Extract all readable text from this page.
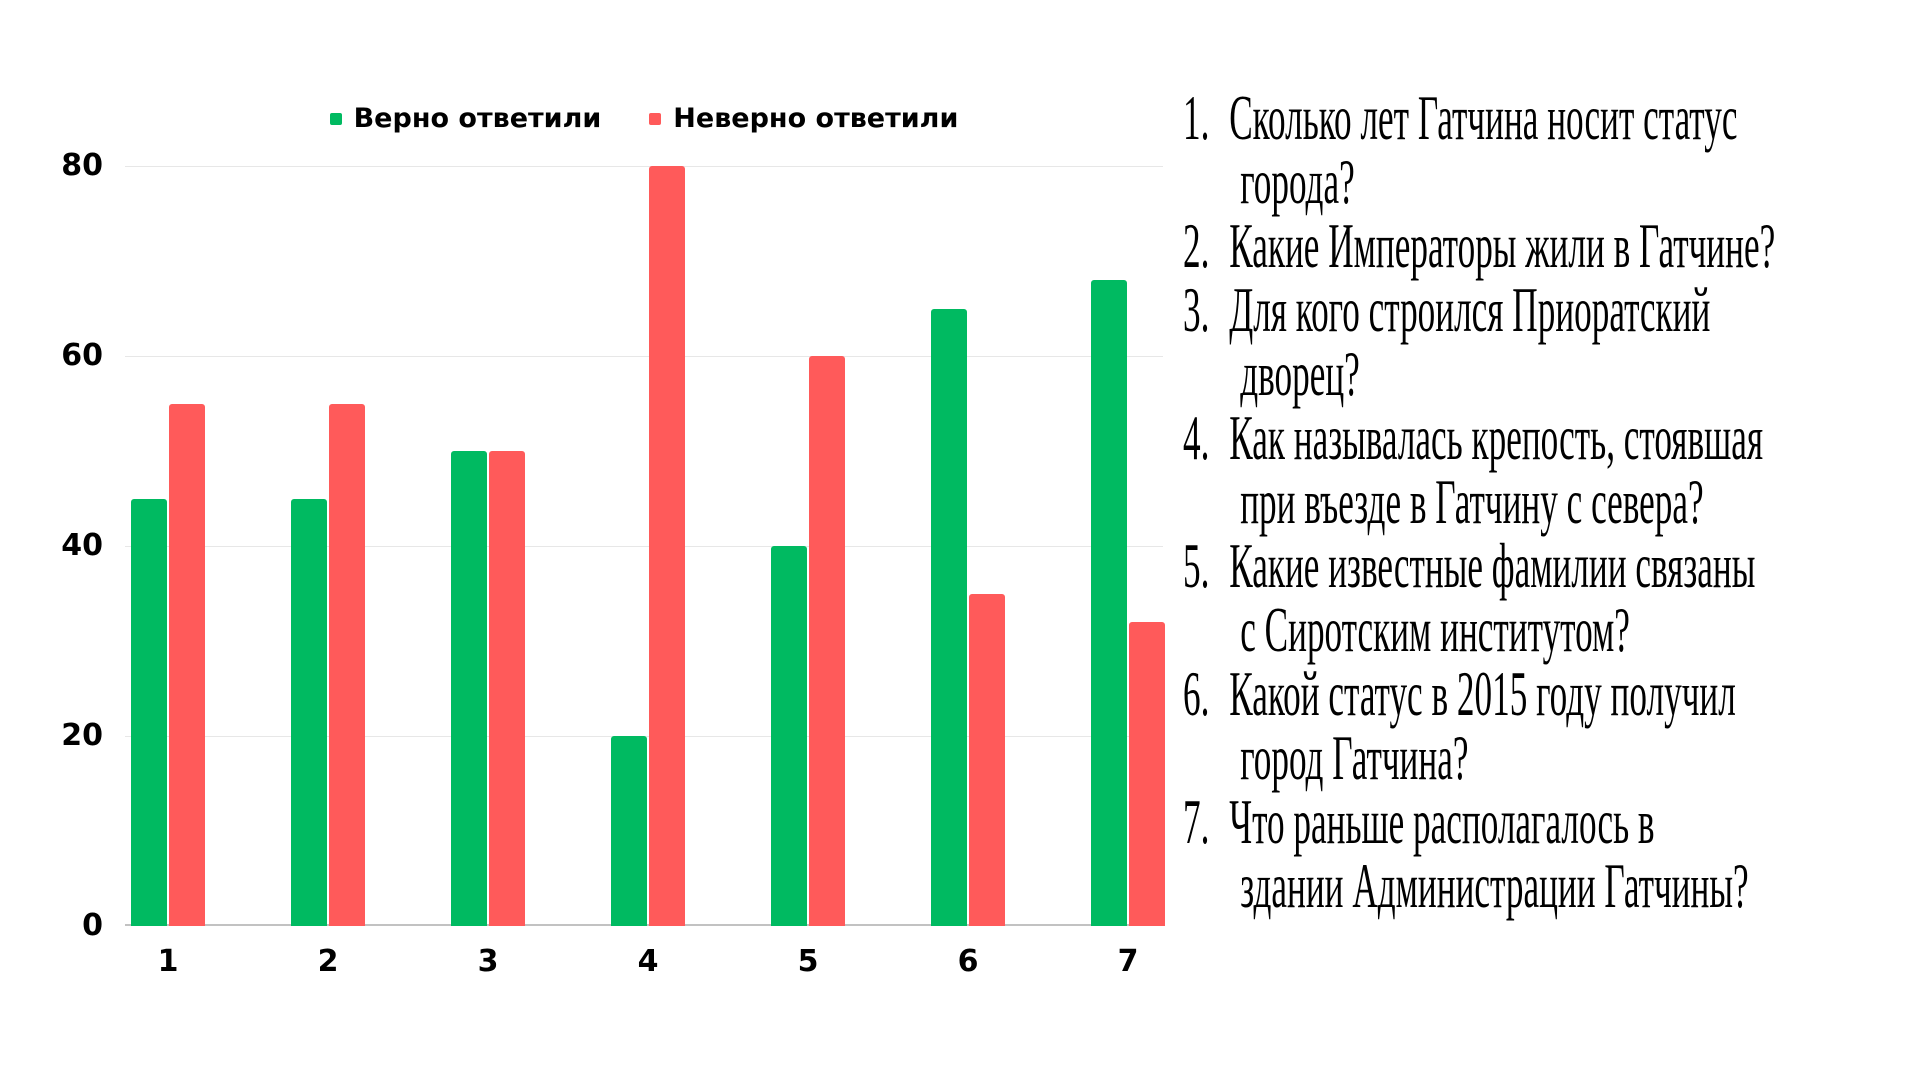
Верно ответили	Неверно ответили
0
20
40
60
80
1	2	3	4	5	6	7
1. Сколько лет Гатчина носит статус
города?
2. Какие Императоры жили в Гатчине?
3. Для кого строился Приоратский
дворец?
4. Как называлась крепость, стоявшая
при въезде в Гатчину с севера?
5. Какие известные фамилии связаны
с Сиротским институтом?
6. Какой статус в 2015 году получил
город Гатчина?
7. Что раньше располагалось в
здании Администрации Гатчины?
